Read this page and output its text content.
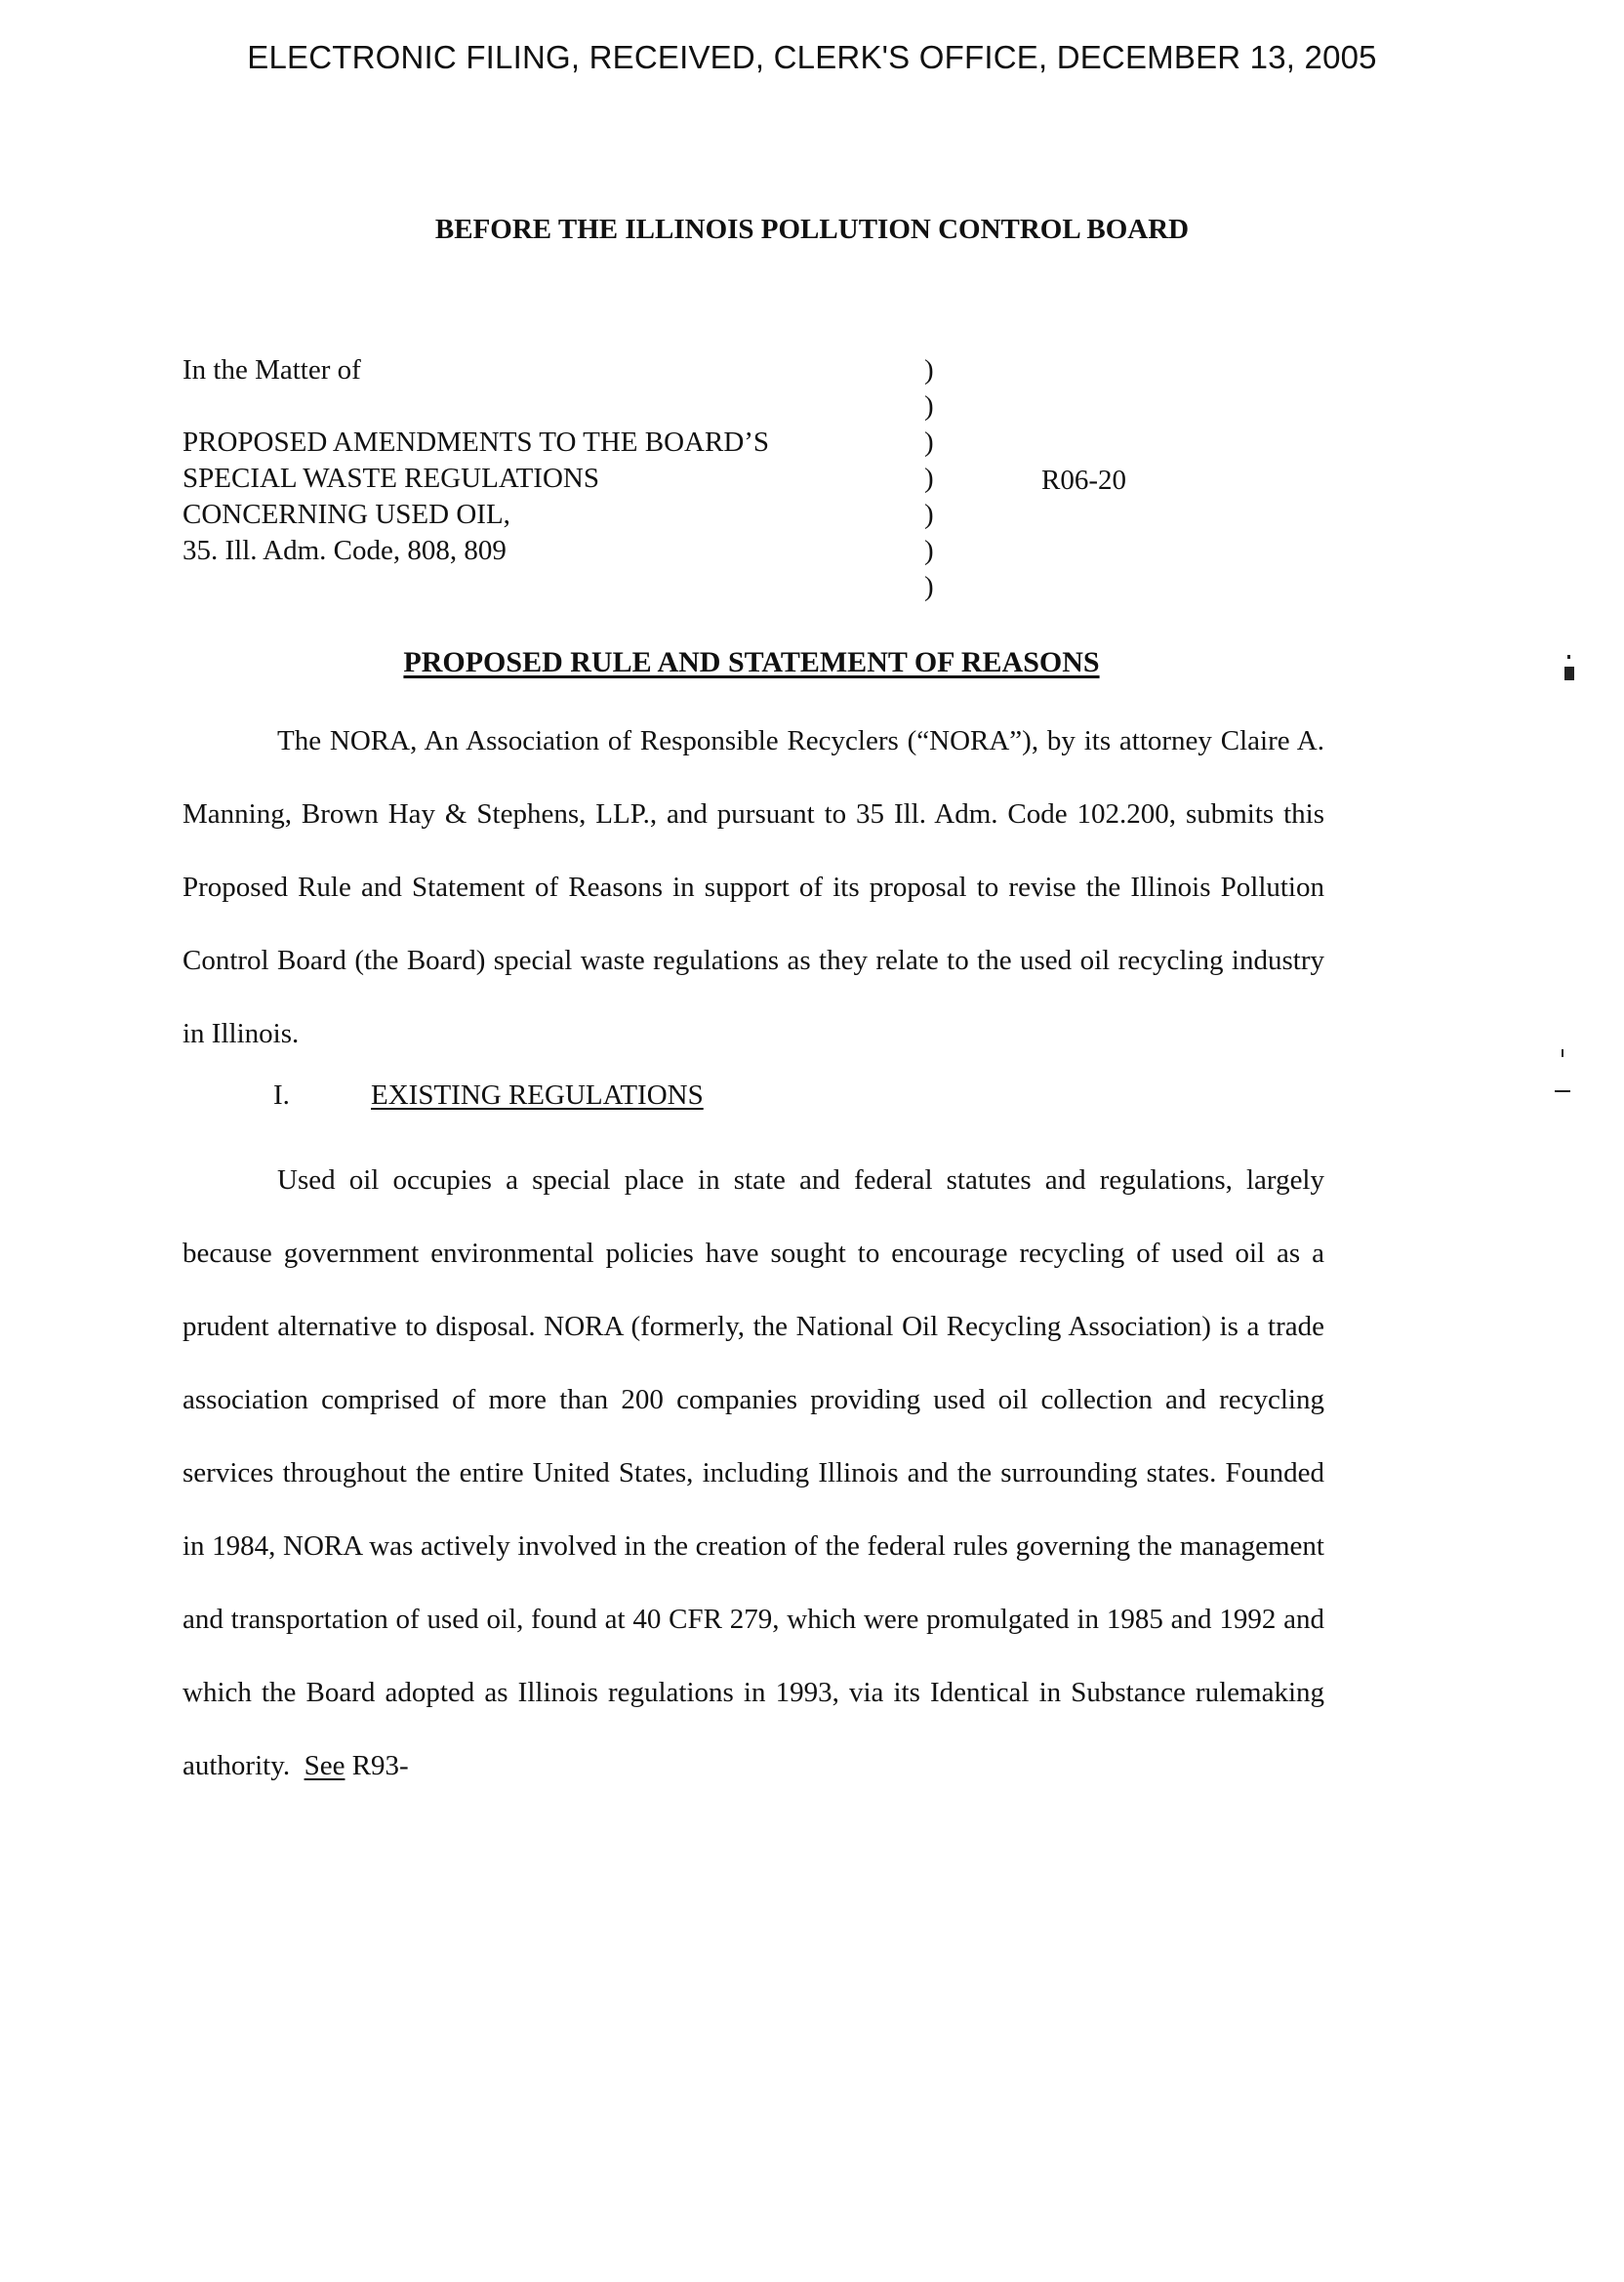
ELECTRONIC FILING, RECEIVED, CLERK'S OFFICE, DECEMBER 13, 2005
BEFORE THE ILLINOIS POLLUTION CONTROL BOARD
In the Matter of
PROPOSED AMENDMENTS TO THE BOARD’S
SPECIAL WASTE REGULATIONS
CONCERNING USED OIL,
35. Ill. Adm. Code, 808, 809
)
)
)
)
)
)
)
R06-20
PROPOSED RULE AND STATEMENT OF REASONS
The NORA, An Association of Responsible Recyclers (“NORA”), by its attorney Claire A. Manning, Brown Hay & Stephens, LLP., and pursuant to 35 Ill. Adm. Code 102.200, submits this Proposed Rule and Statement of Reasons in support of its proposal to revise the Illinois Pollution Control Board (the Board) special waste regulations as they relate to the used oil recycling industry in Illinois.
I.	EXISTING REGULATIONS
Used oil occupies a special place in state and federal statutes and regulations, largely because government environmental policies have sought to encourage recycling of used oil as a prudent alternative to disposal. NORA (formerly, the National Oil Recycling Association) is a trade association comprised of more than 200 companies providing used oil collection and recycling services throughout the entire United States, including Illinois and the surrounding states. Founded in 1984, NORA was actively involved in the creation of the federal rules governing the management and transportation of used oil, found at 40 CFR 279, which were promulgated in 1985 and 1992 and which the Board adopted as Illinois regulations in 1993, via its Identical in Substance rulemaking authority. See R93-
